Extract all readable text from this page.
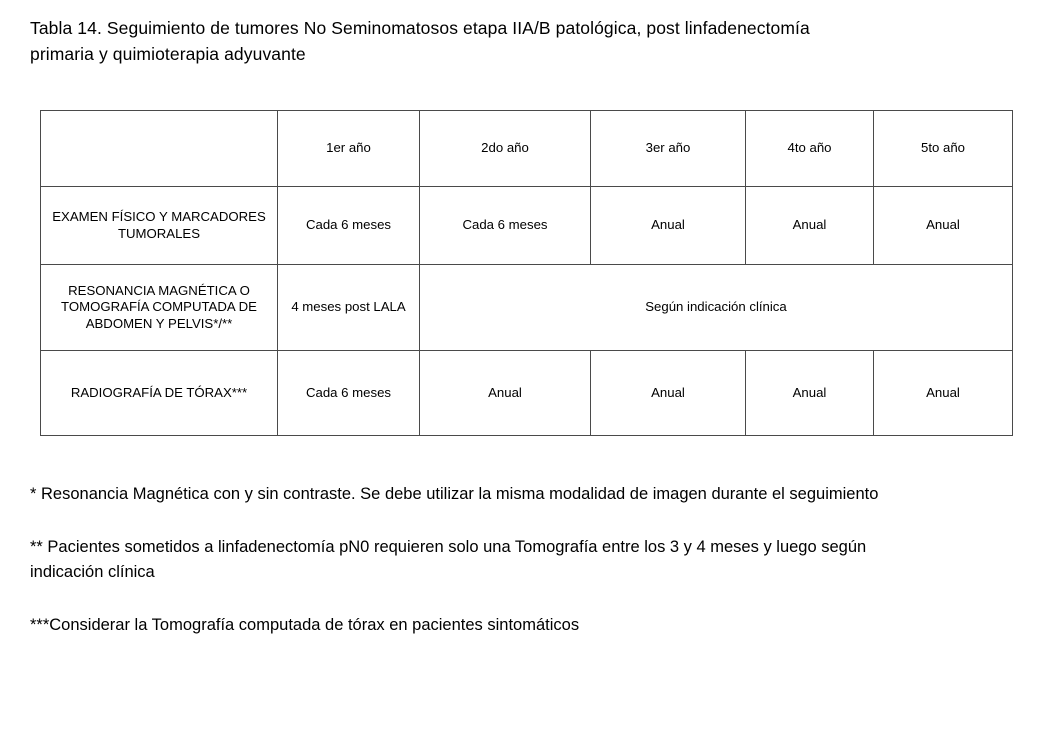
Tabla 14. Seguimiento de tumores No Seminomatosos etapa IIA/B patológica, post linfadenectomía primaria y quimioterapia adyuvante
	1er año	2do año	3er año	4to año	5to año
EXAMEN FÍSICO Y MARCADORES TUMORALES	Cada 6 meses	Cada 6 meses	Anual	Anual	Anual
RESONANCIA MAGNÉTICA O TOMOGRAFÍA COMPUTADA DE ABDOMEN Y PELVIS*/**	4 meses post LALA	Según indicación clínica			
RADIOGRAFÍA DE TÓRAX***	Cada 6 meses	Anual	Anual	Anual	Anual

* Resonancia Magnética con y sin contraste. Se debe utilizar la misma modalidad de imagen durante el seguimiento

** Pacientes sometidos a linfadenectomía pN0 requieren solo una Tomografía entre los 3 y 4 meses y luego según indicación clínica

***Considerar la Tomografía computada de tórax en pacientes sintomáticos
